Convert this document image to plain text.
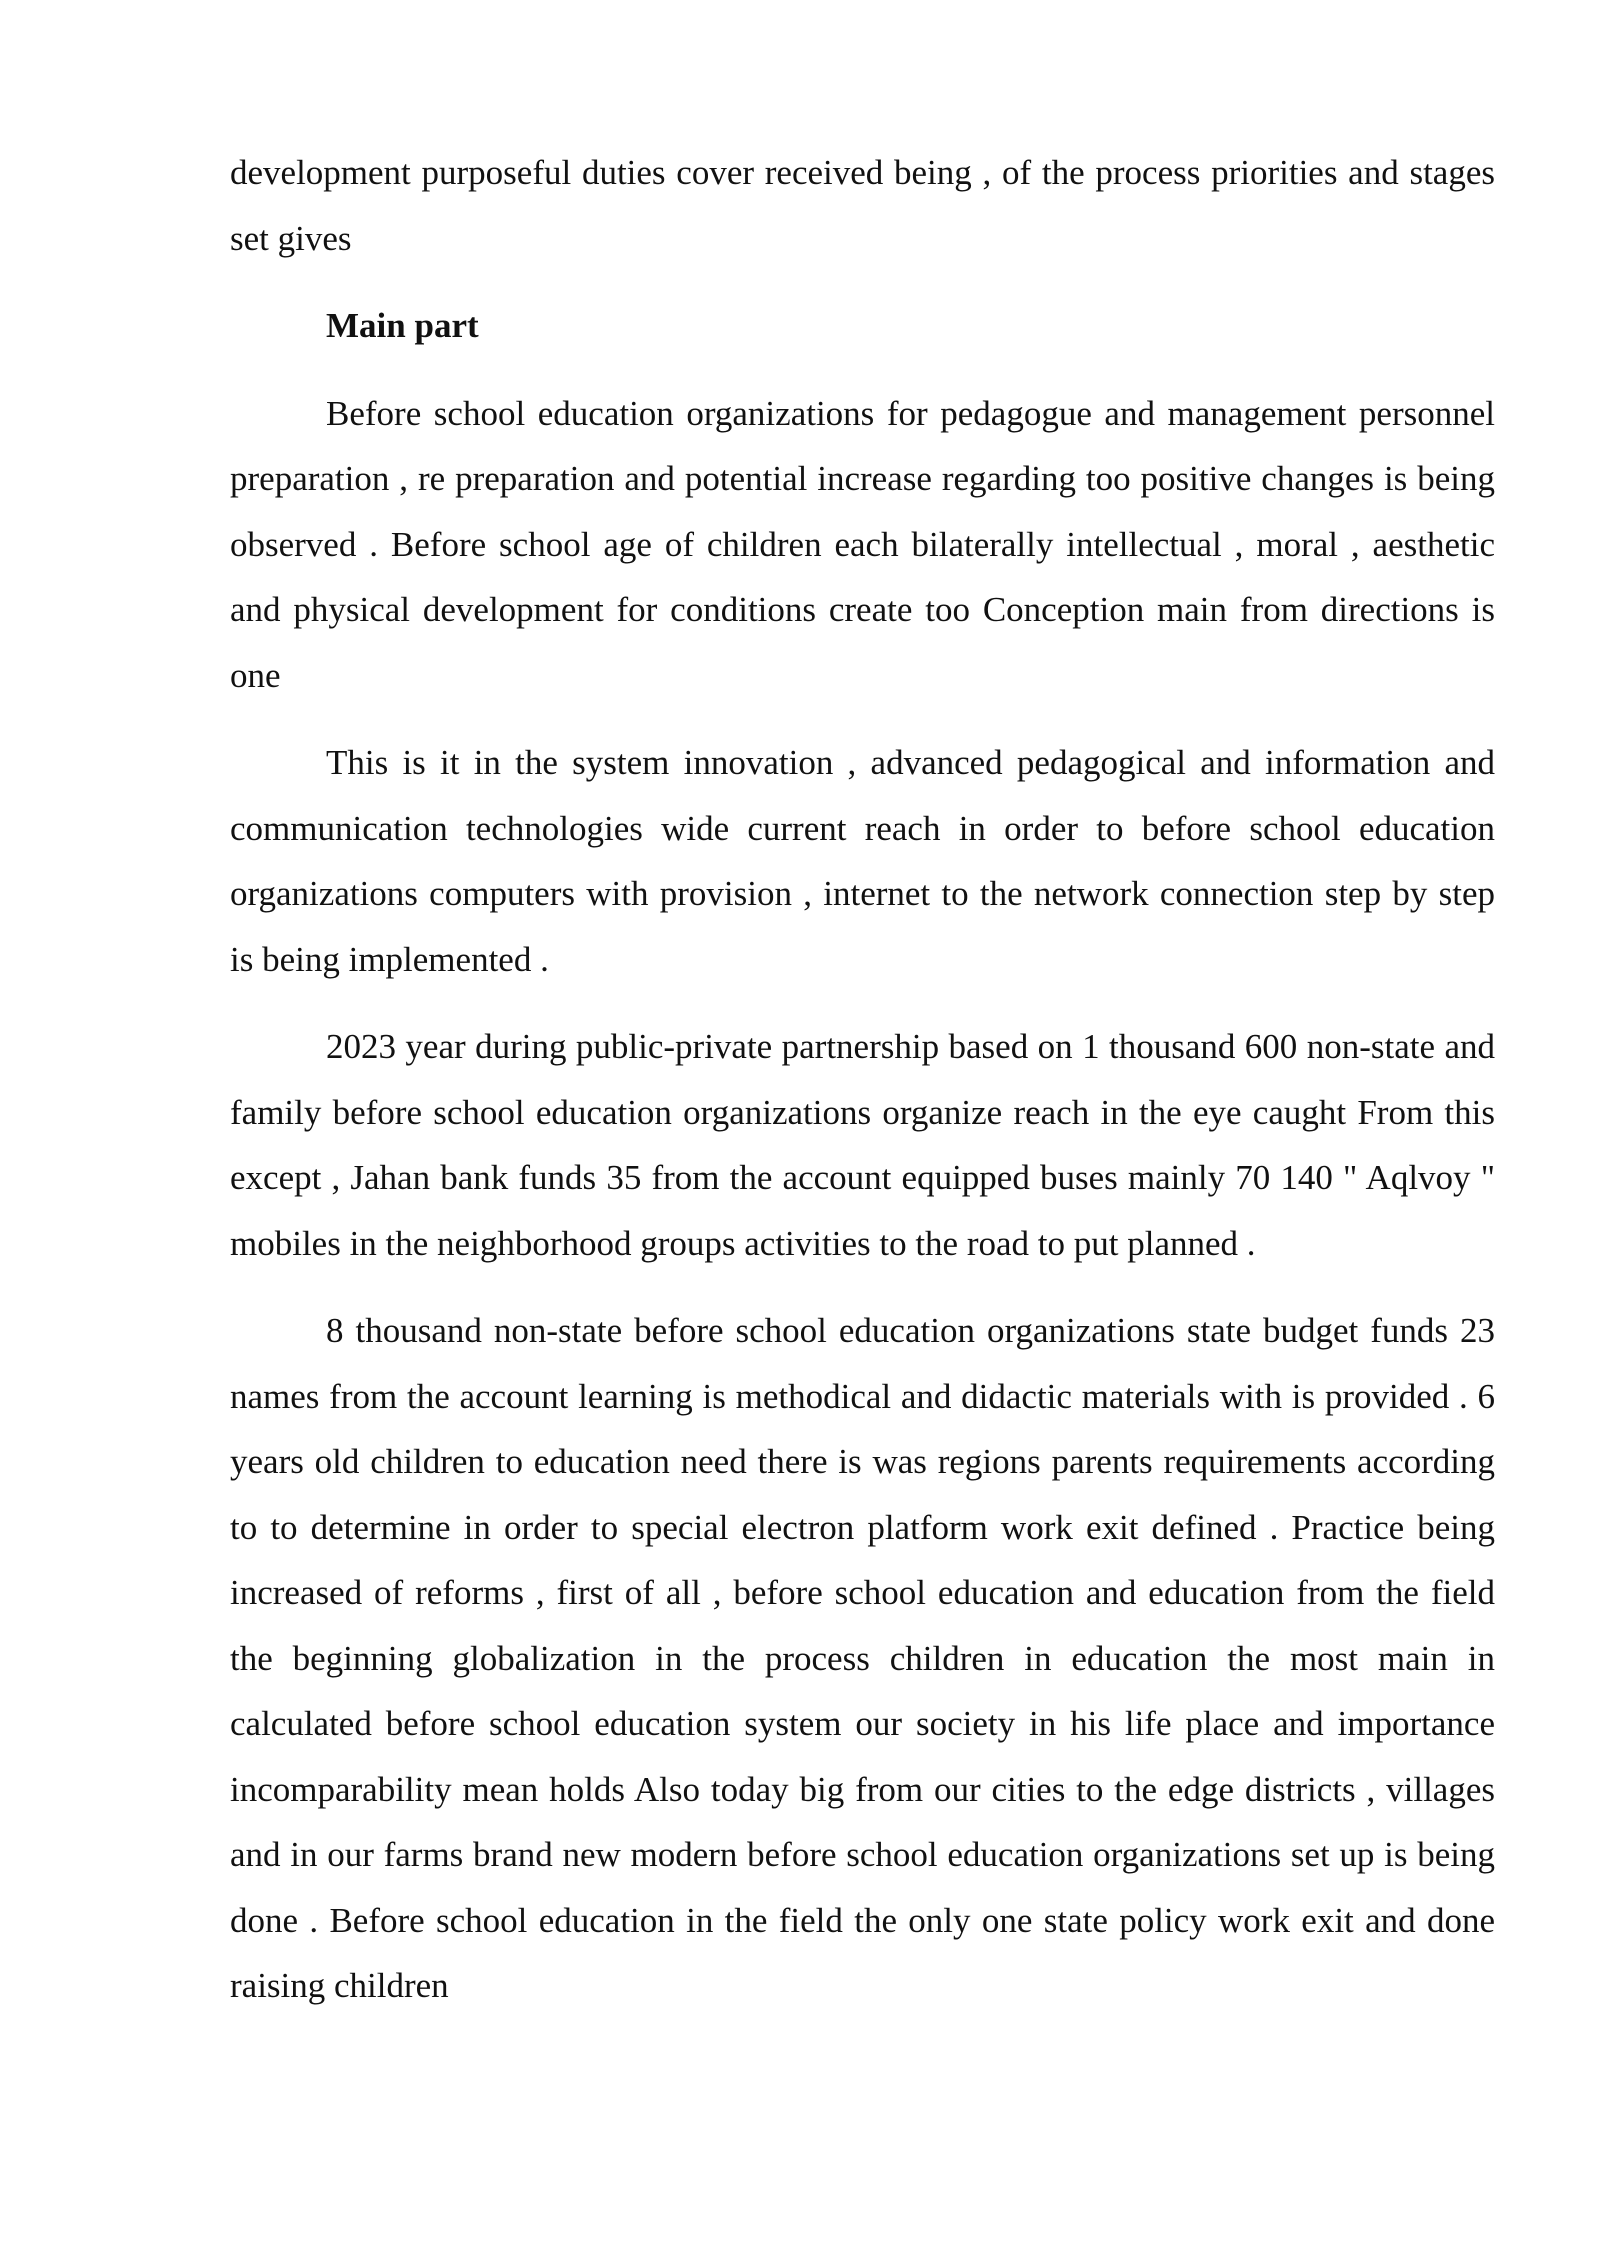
development purposeful duties cover received being , of the process priorities and stages set gives

Main part

Before school education organizations for pedagogue and management personnel preparation , re preparation and potential increase regarding too positive changes is being observed . Before school age of children each bilaterally intellectual , moral , aesthetic and physical development for conditions create too Conception main from directions is one

This is it in the system innovation , advanced pedagogical and information and communication technologies wide current reach in order to before school education organizations computers with provision , internet to the network connection step by step is being implemented .

2023 year during public-private partnership based on 1 thousand 600 non-state and family before school education organizations organize reach in the eye caught From this except , Jahan bank funds 35 from the account equipped buses mainly 70 140 " Aqlvoy " mobiles in the neighborhood groups activities to the road to put planned .

8 thousand non-state before school education organizations state budget funds 23 names from the account learning is methodical and didactic materials with is provided . 6 years old children to education need there is was regions parents requirements according to to determine in order to special electron platform work exit defined . Practice being increased of reforms , first of all , before school education and education from the field the beginning globalization in the process children in education the most main in calculated before school education system our society in his life place and importance incomparability mean holds Also today big from our cities to the edge districts , villages and in our farms brand new modern before school education organizations set up is being done . Before school education in the field the only one state policy work exit and done raising children
